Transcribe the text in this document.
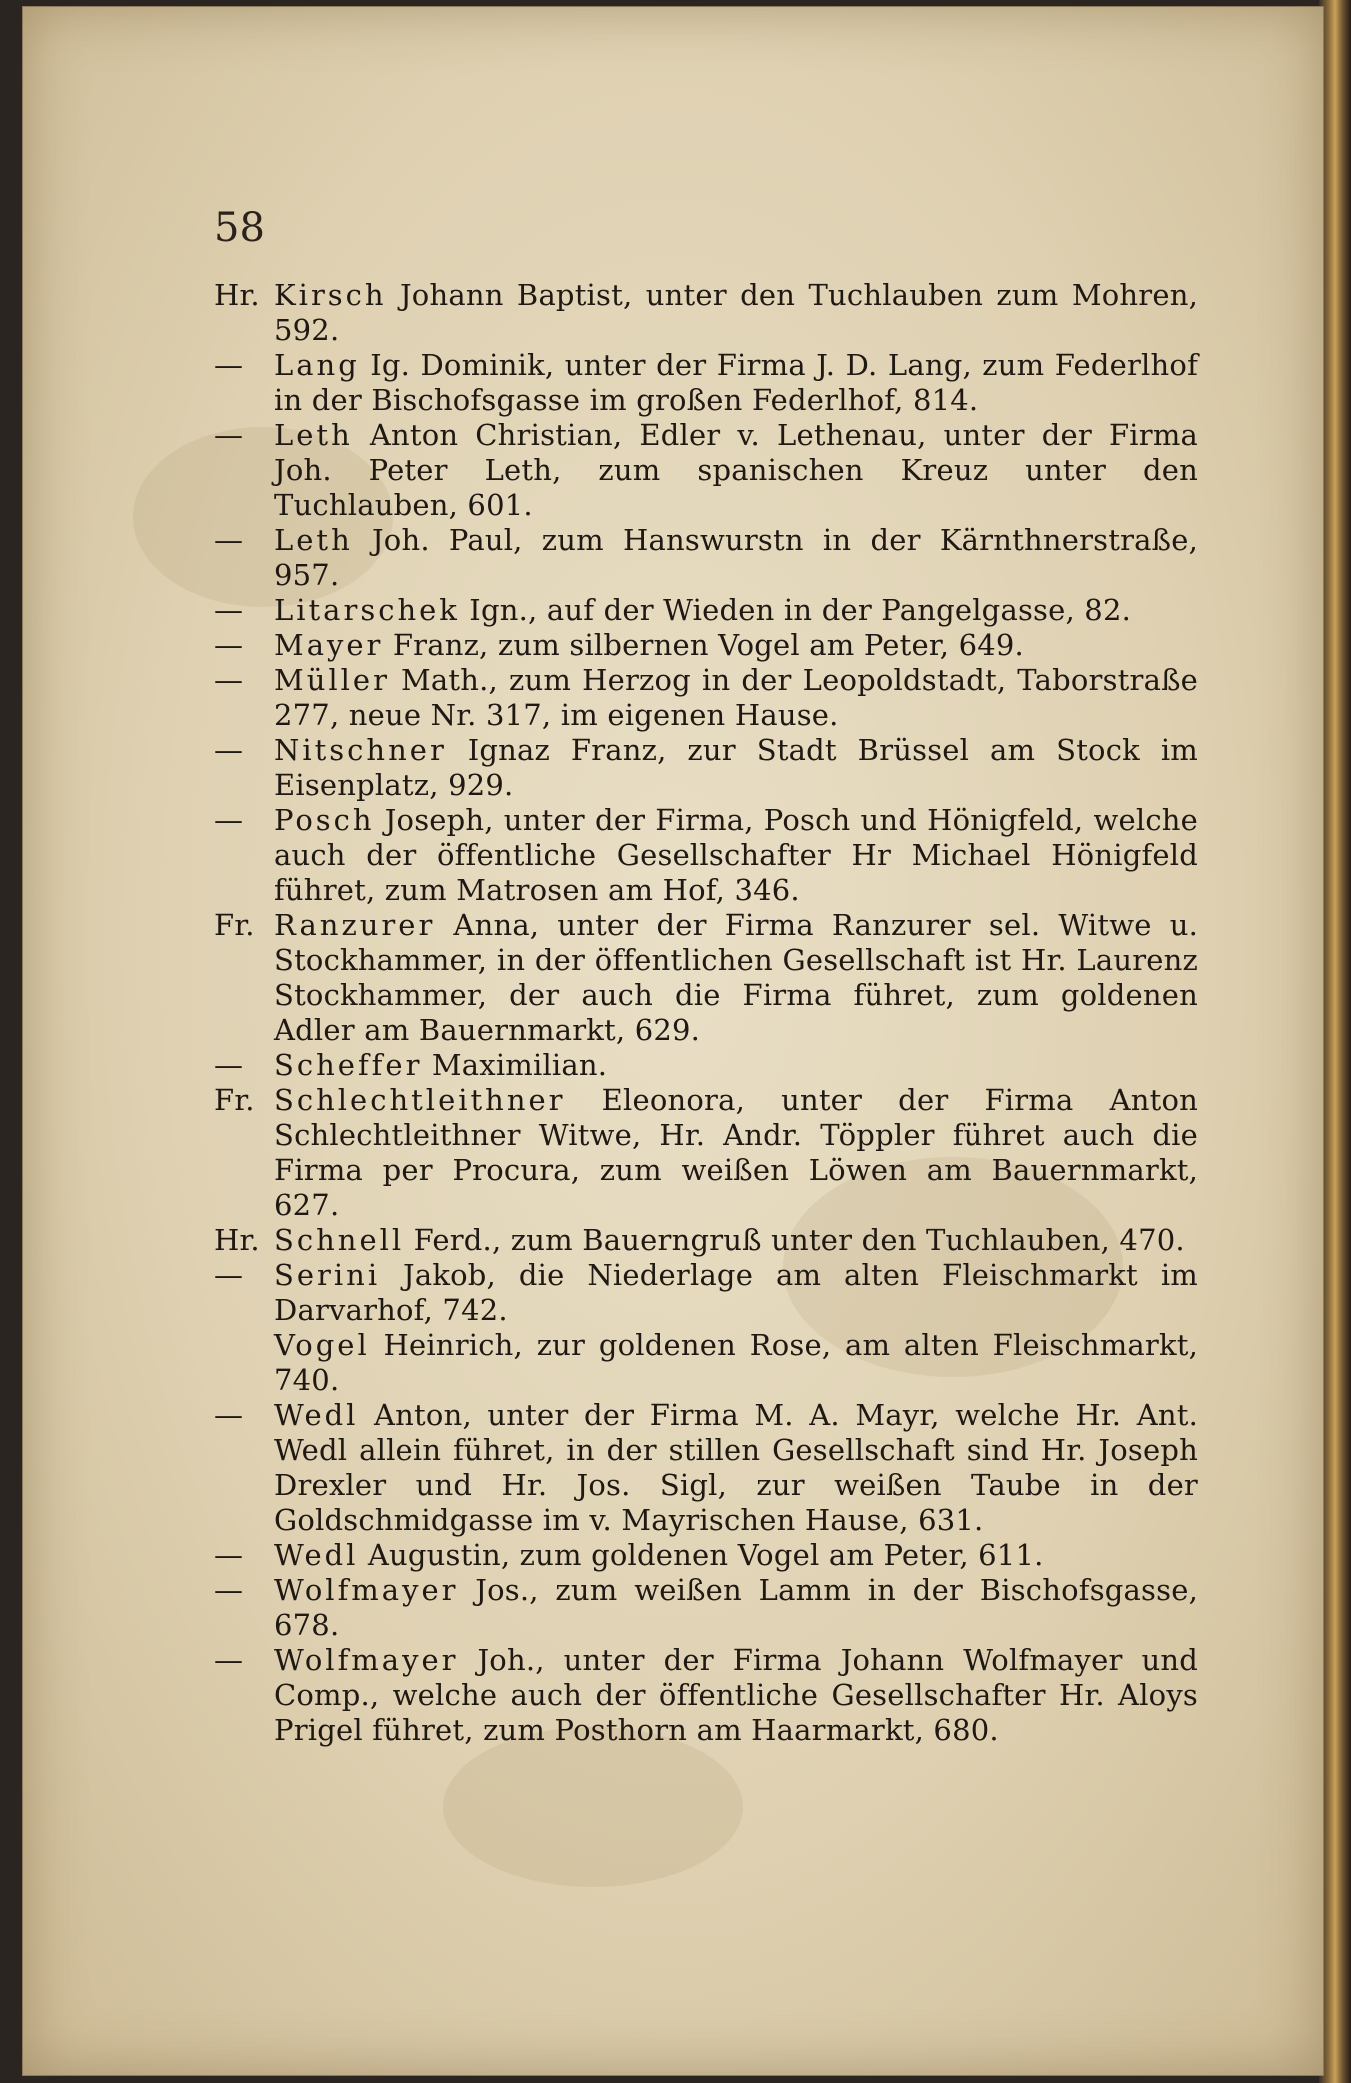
58

Hr. Kirsch Johann Baptist, unter den Tuchlauben zum Mohren, 592.
—	Lang Ig. Dominik, unter der Firma J. D. Lang, zum Federlhof in der Bischofsgasse im großen Federlhof, 814.
—	Leth Anton Christian, Edler v. Lethenau, unter der Firma Joh. Peter Leth, zum spanischen Kreuz unter den Tuchlauben, 601.
—	Leth Joh. Paul, zum Hanswurstn in der Kärnthnerstraße, 957.
—	Litarschek Ign., auf der Wieden in der Pangelgasse, 82.
—	Mayer Franz, zum silbernen Vogel am Peter, 649.
—	Müller Math., zum Herzog in der Leopoldstadt, Taborstraße 277, neue Nr. 317, im eigenen Hause.
—	Nitschner Ignaz Franz, zur Stadt Brüssel am Stock im Eisenplatz, 929.
—	Posch Joseph, unter der Firma, Posch und Hönigfeld, welche auch der öffentliche Gesellschafter Hr Michael Hönigfeld führet, zum Matrosen am Hof, 346.
Fr. Ranzurer Anna, unter der Firma Ranzurer sel. Witwe u. Stockhammer, in der öffentlichen Gesellschaft ist Hr. Laurenz Stockhammer, der auch die Firma führet, zum goldenen Adler am Bauernmarkt, 629.
—	Scheffer Maximilian.
Fr. Schlechtleithner Eleonora, unter der Firma Anton Schlechtleithner Witwe, Hr. Andr. Töppler führet auch die Firma per Procura, zum weißen Löwen am Bauernmarkt, 627.
Hr. Schnell Ferd., zum Bauerngruß unter den Tuchlauben, 470.
—	Serini Jakob, die Niederlage am alten Fleischmarkt im Darvarhof, 742.
Vogel Heinrich, zur goldenen Rose, am alten Fleischmarkt, 740.
—	Wedl Anton, unter der Firma M. A. Mayr, welche Hr. Ant. Wedl allein führet, in der stillen Gesellschaft sind Hr. Joseph Drexler und Hr. Jos. Sigl, zur weißen Taube in der Goldschmidgasse im v. Mayrischen Hause, 631.
—	Wedl Augustin, zum goldenen Vogel am Peter, 611.
—	Wolfmayer Jos., zum weißen Lamm in der Bischofsgasse, 678.
—	Wolfmayer Joh., unter der Firma Johann Wolfmayer und Comp., welche auch der öffentliche Gesellschafter Hr. Aloys Prigel führet, zum Posthorn am Haarmarkt, 680.
